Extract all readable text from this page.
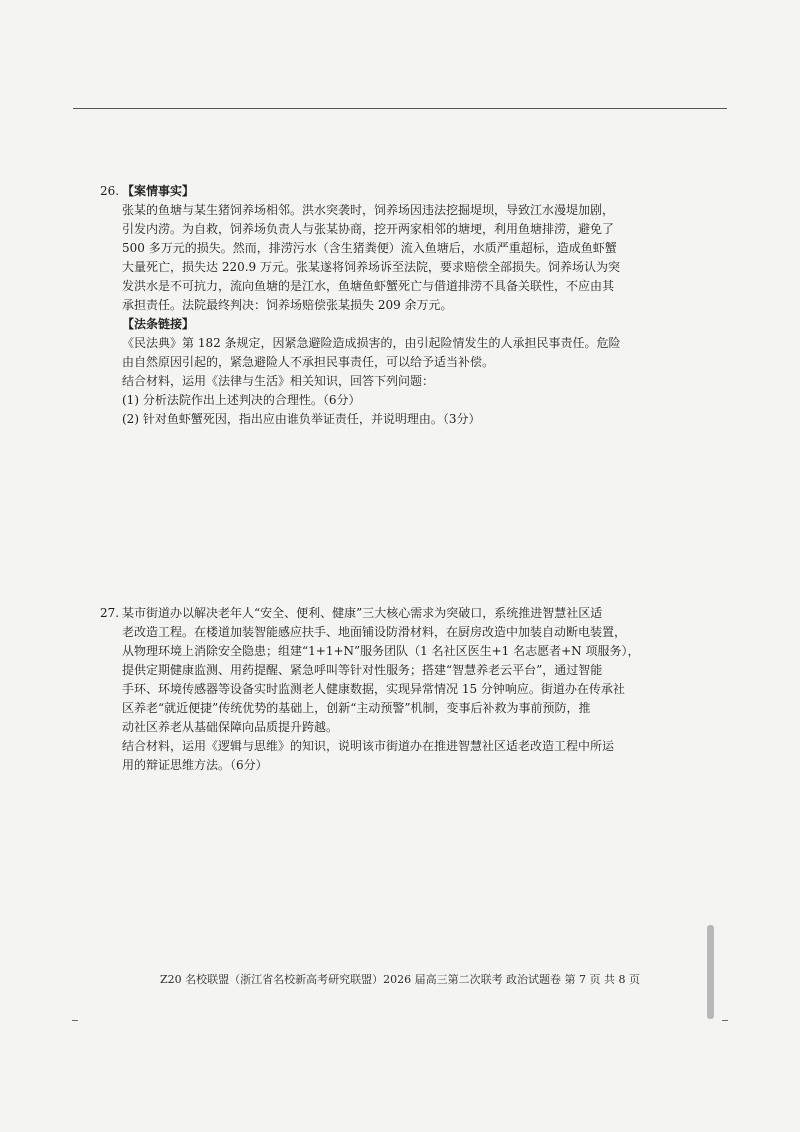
26. 【案情事实】
张某的鱼塘与某生猪饲养场相邻。洪水突袭时，饲养场因违法挖掘堤坝，导致江水漫堤加剧，
引发内涝。为自救，饲养场负责人与张某协商，挖开两家相邻的塘埂，利用鱼塘排涝，避免了
500 多万元的损失。然而，排涝污水（含生猪粪便）流入鱼塘后，水质严重超标，造成鱼虾蟹
大量死亡，损失达 220.9 万元。张某遂将饲养场诉至法院，要求赔偿全部损失。饲养场认为突
发洪水是不可抗力，流向鱼塘的是江水，鱼塘鱼虾蟹死亡与借道排涝不具备关联性，不应由其
承担责任。法院最终判决：饲养场赔偿张某损失 209 余万元。
【法条链接】
《民法典》第 182 条规定，因紧急避险造成损害的，由引起险情发生的人承担民事责任。危险
由自然原因引起的，紧急避险人不承担民事责任，可以给予适当补偿。
结合材料，运用《法律与生活》相关知识，回答下列问题：
(1) 分析法院作出上述判决的合理性。（6分）
(2) 针对鱼虾蟹死因，指出应由谁负举证责任，并说明理由。（3分）
27. 某市街道办以解决老年人“安全、便利、健康”三大核心需求为突破口，系统推进智慧社区适
老改造工程。在楼道加装智能感应扶手、地面铺设防滑材料，在厨房改造中加装自动断电装置，
从物理环境上消除安全隐患；组建“1+1+N”服务团队（1 名社区医生+1 名志愿者+N 项服务），
提供定期健康监测、用药提醒、紧急呼叫等针对性服务；搭建“智慧养老云平台”，通过智能
手环、环境传感器等设备实时监测老人健康数据，实现异常情况 15 分钟响应。街道办在传承社
区养老“就近便捷”传统优势的基础上，创新“主动预警”机制，变事后补救为事前预防，推
动社区养老从基础保障向品质提升跨越。
结合材料，运用《逻辑与思维》的知识，说明该市街道办在推进智慧社区适老改造工程中所运
用的辩证思维方法。（6分）
Z20 名校联盟（浙江省名校新高考研究联盟）2026 届高三第二次联考 政治试题卷 第 7 页 共 8 页
